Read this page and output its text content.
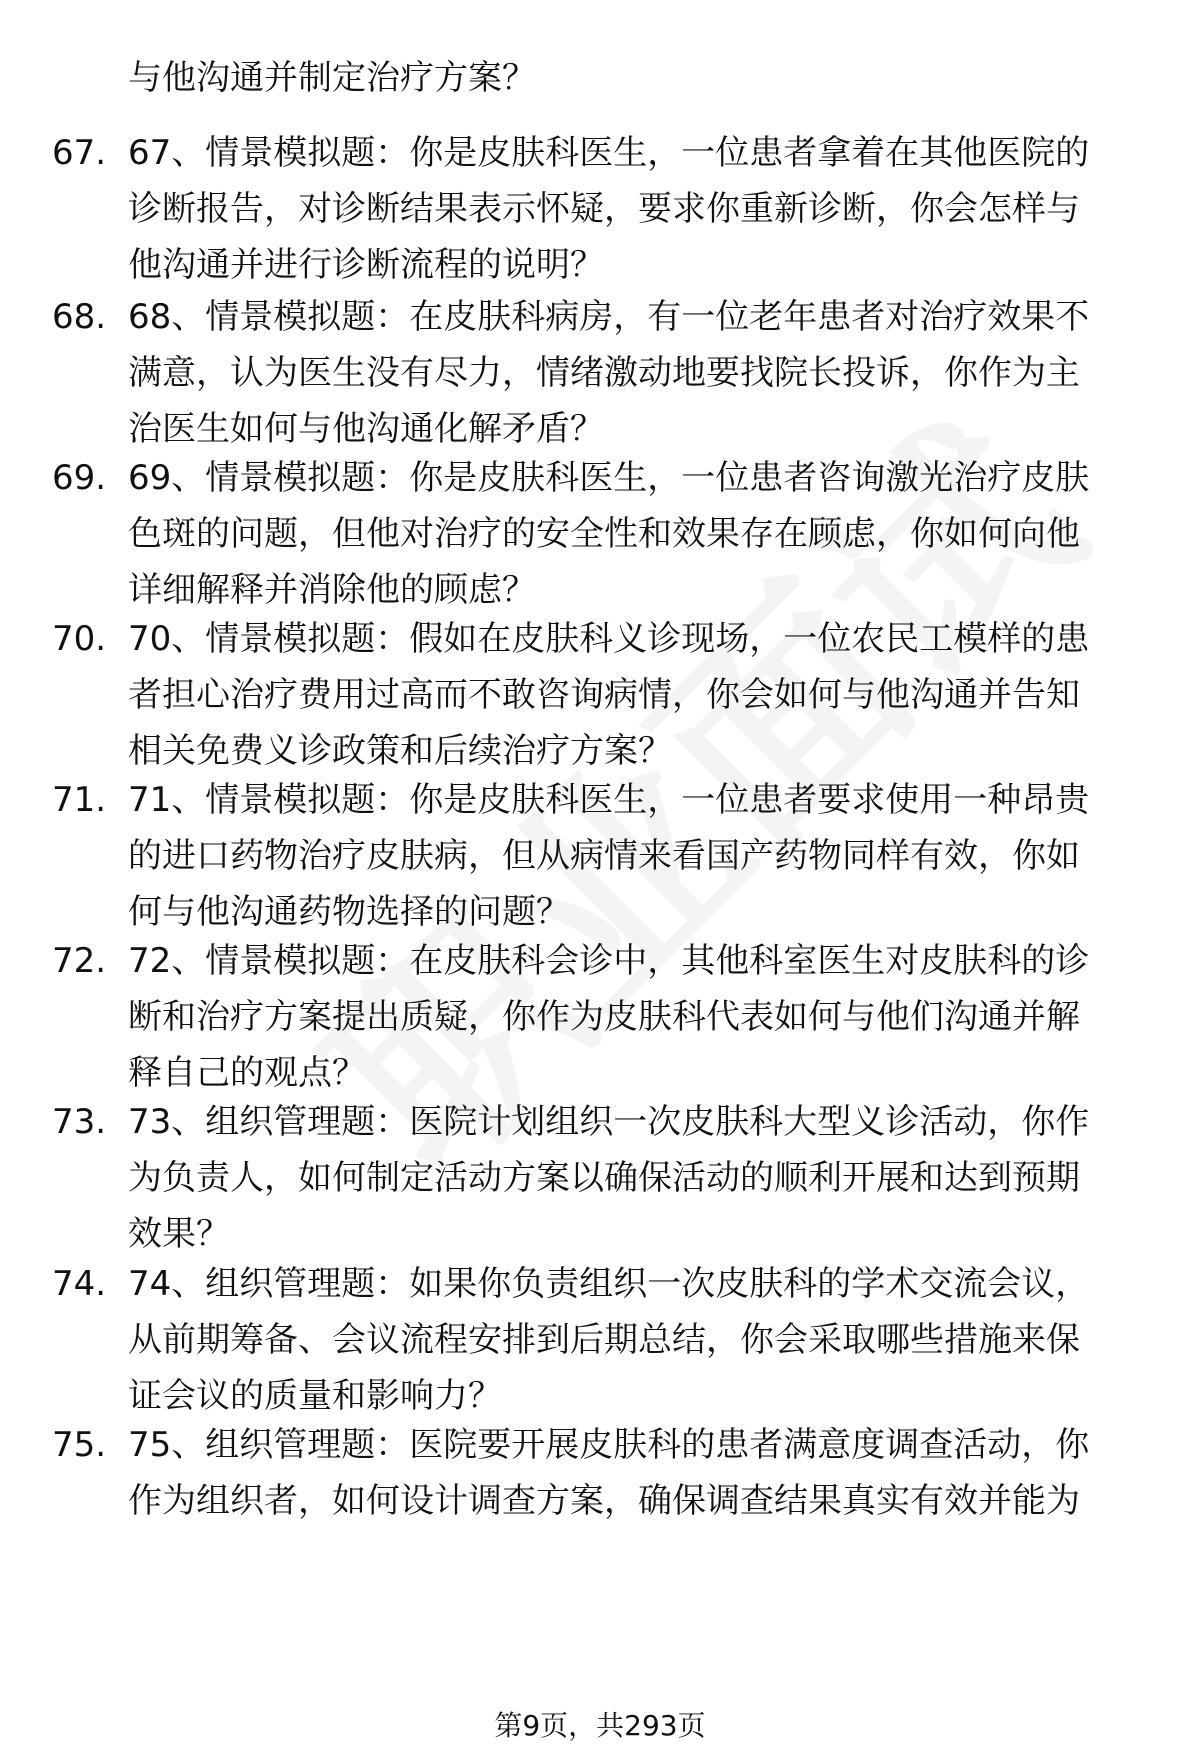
与他沟通并制定治疗方案？
67. 67、情景模拟题：你是皮肤科医生，一位患者拿着在其他医院的
诊断报告，对诊断结果表示怀疑，要求你重新诊断，你会怎样与
他沟通并进行诊断流程的说明？
68. 68、情景模拟题：在皮肤科病房，有一位老年患者对治疗效果不
满意，认为医生没有尽力，情绪激动地要找院长投诉，你作为主
治医生如何与他沟通化解矛盾？
69. 69、情景模拟题：你是皮肤科医生，一位患者咨询激光治疗皮肤
色斑的问题，但他对治疗的安全性和效果存在顾虑，你如何向他
详细解释并消除他的顾虑？
70. 70、情景模拟题：假如在皮肤科义诊现场，一位农民工模样的患
者担心治疗费用过高而不敢咨询病情，你会如何与他沟通并告知
相关免费义诊政策和后续治疗方案？
71. 71、情景模拟题：你是皮肤科医生，一位患者要求使用一种昂贵
的进口药物治疗皮肤病，但从病情来看国产药物同样有效，你如
何与他沟通药物选择的问题？
72. 72、情景模拟题：在皮肤科会诊中，其他科室医生对皮肤科的诊
断和治疗方案提出质疑，你作为皮肤科代表如何与他们沟通并解
释自己的观点？
73. 73、组织管理题：医院计划组织一次皮肤科大型义诊活动，你作
为负责人，如何制定活动方案以确保活动的顺利开展和达到预期
效果？
74. 74、组织管理题：如果你负责组织一次皮肤科的学术交流会议，
从前期筹备、会议流程安排到后期总结，你会采取哪些措施来保
证会议的质量和影响力？
75. 75、组织管理题：医院要开展皮肤科的患者满意度调查活动，你
作为组织者，如何设计调查方案，确保调查结果真实有效并能为
第9页，共293页
